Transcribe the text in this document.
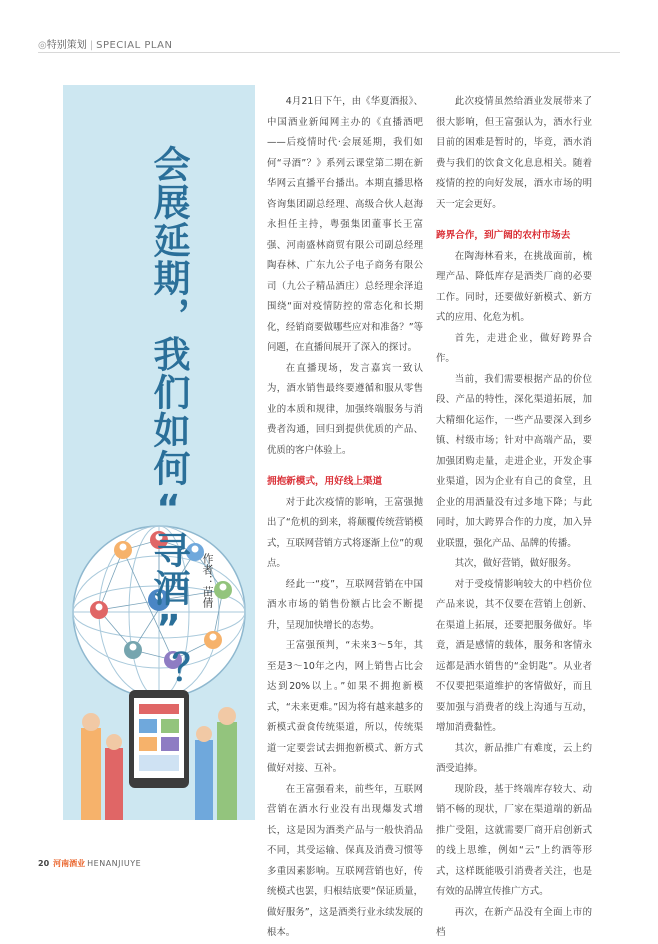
◎特别策划 | SPECIAL PLAN
会展延期，我们如何“寻酒”？ 作者：苗倩

4月21日下午，由《华夏酒报》、中国酒业新闻网主办的《直播酒吧——后疫情时代·会展延期，我们如何“寻酒”？》系列云课堂第二期在新华网云直播平台播出。本期直播思格咨询集团副总经理、高级合伙人赵海永担任主持，粤强集团董事长王富强、河南盛林商贸有限公司副总经理陶春林、广东九公子电子商务有限公司（九公子精品酒庄）总经理余泽追围绕“面对疫情防控的常态化和长期化，经销商要做哪些应对和准备？”等问题，在直播间展开了深入的探讨。

在直播现场，发言嘉宾一致认为，酒水销售最终要遵循和服从零售业的本质和规律，加强终端服务与消费者沟通，回归到提供优质的产品、优质的客户体验上。

拥抱新模式，用好线上渠道

对于此次疫情的影响，王富强抛出了“危机的到来，将颠覆传统营销模式，互联网营销方式将逐渐上位”的观点。

经此一“疫”，互联网营销在中国酒水市场的销售份额占比会不断提升，呈现加快增长的态势。

王富强预判，“未来3～5年，其至是3～10年之内，网上销售占比会达到20%以上。”如果不拥抱新模式，“未来更难。”因为将有越来越多的新模式蚕食传统渠道，所以，传统渠道一定要尝试去拥抱新模式、新方式做好对接、互补。

在王富强看来，前些年，互联网营销在酒水行业没有出现爆发式增长，这是因为酒类产品与一般快消品不同，其受运输、保真及消费习惯等多重因素影响。互联网营销也好，传统模式也罢，归根结底要“保证质量，做好服务”，这是酒类行业永续发展的根本。

此次疫情虽然给酒业发展带来了很大影响，但王富强认为，酒水行业目前的困难是暂时的，毕竟，酒水消费与我们的饮食文化息息相关。随着疫情的控的向好发展，酒水市场的明天一定会更好。

跨界合作，到广阔的农村市场去

在陶海林看来，在挑战面前，梳理产品、降低库存是酒类厂商的必要工作。同时，还要做好新模式、新方式的应用、化危为机。

首先，走进企业，做好跨界合作。

当前，我们需要根据产品的价位段、产品的特性，深化渠道拓展，加大精细化运作，一些产品要深入到乡镇、村级市场；针对中高端产品，要加强团购走量，走进企业，开发企事业渠道，因为企业有自己的食堂，且企业的用酒量没有过多地下降；与此同时，加大跨界合作的力度，加入异业联盟，强化产品、品牌的传播。

其次，做好营销，做好服务。

对于受疫情影响较大的中档价位产品来说，其不仅要在营销上创新、在渠道上拓展，还要把服务做好。毕竟，酒是感情的载体，服务和客情永远都是酒水销售的“金钥匙”。从业者不仅要把渠道维护的客情做好，而且要加强与消费者的线上沟通与互动，增加消费黏性。

其次，新品推广有难度，云上约酒受追捧。

现阶段，基于终端库存较大、动销不畅的现状，厂家在渠道端的新品推广受阻，这就需要厂商开启创新式的线上思维，例如“云”上约酒等形式，这样既能吸引消费者关注，也是有效的品牌宣传推广方式。

再次，在新产品没有全面上市的档

20 河南酒业 HENANJIUYE
